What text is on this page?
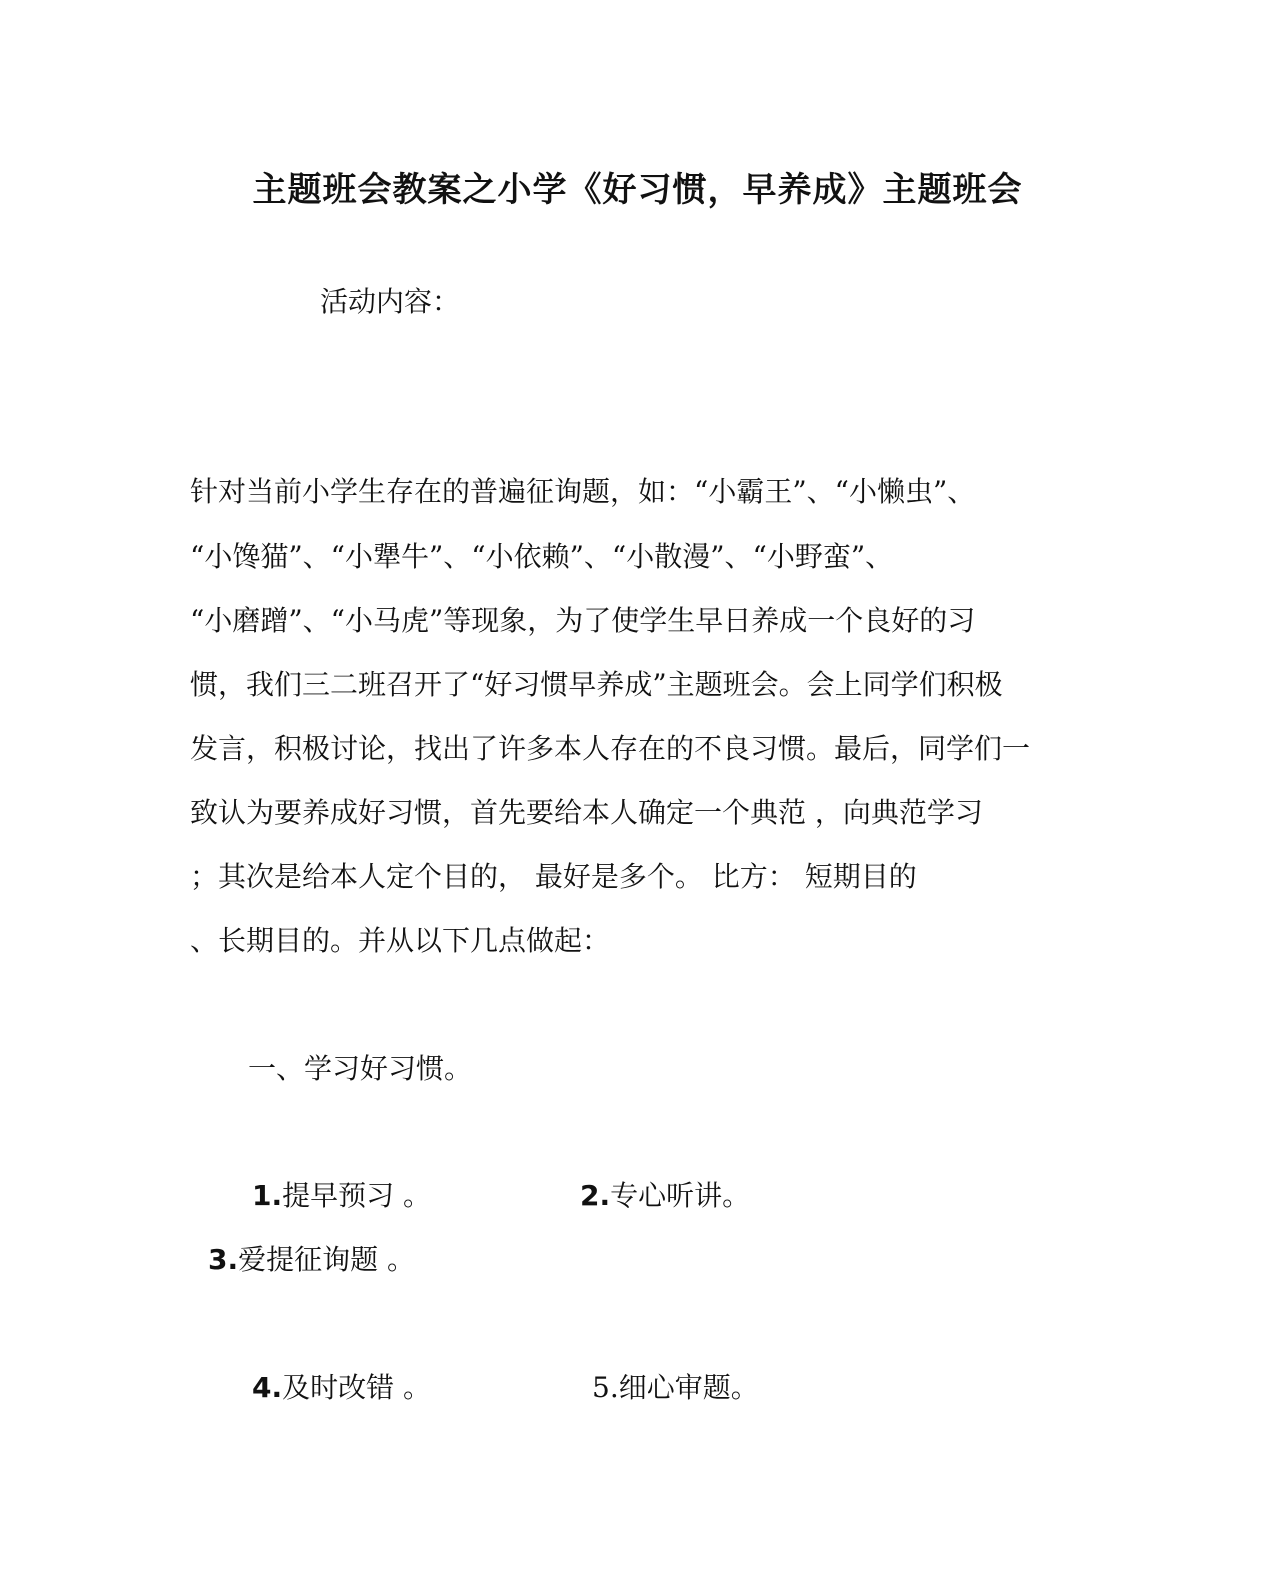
主题班会教案之小学《好习惯，早养成》主题班会
活动内容：
针对当前小学生存在的普遍征询题，如：“小霸王”、“小懒虫”、
“小馋猫”、“小犟牛”、“小依赖”、“小散漫”、“小野蛮”、
“小磨蹭”、“小马虎”等现象，为了使学生早日养成一个良好的习
惯，我们三二班召开了“好习惯早养成”主题班会。会上同学们积极
发言，积极讨论，找出了许多本人存在的不良习惯。最后，同学们一
致认为要养成好习惯，首先要给本人确定一个典范 ，向典范学习
；其次是给本人定个目的， 最好是多个。 比方： 短期目的
、长期目的。并从以下几点做起：
一、学习好习惯。
1.提早预习 。	2.专心听讲。
3.爱提征询题 。
4.及时改错 。	5.细心审题。
